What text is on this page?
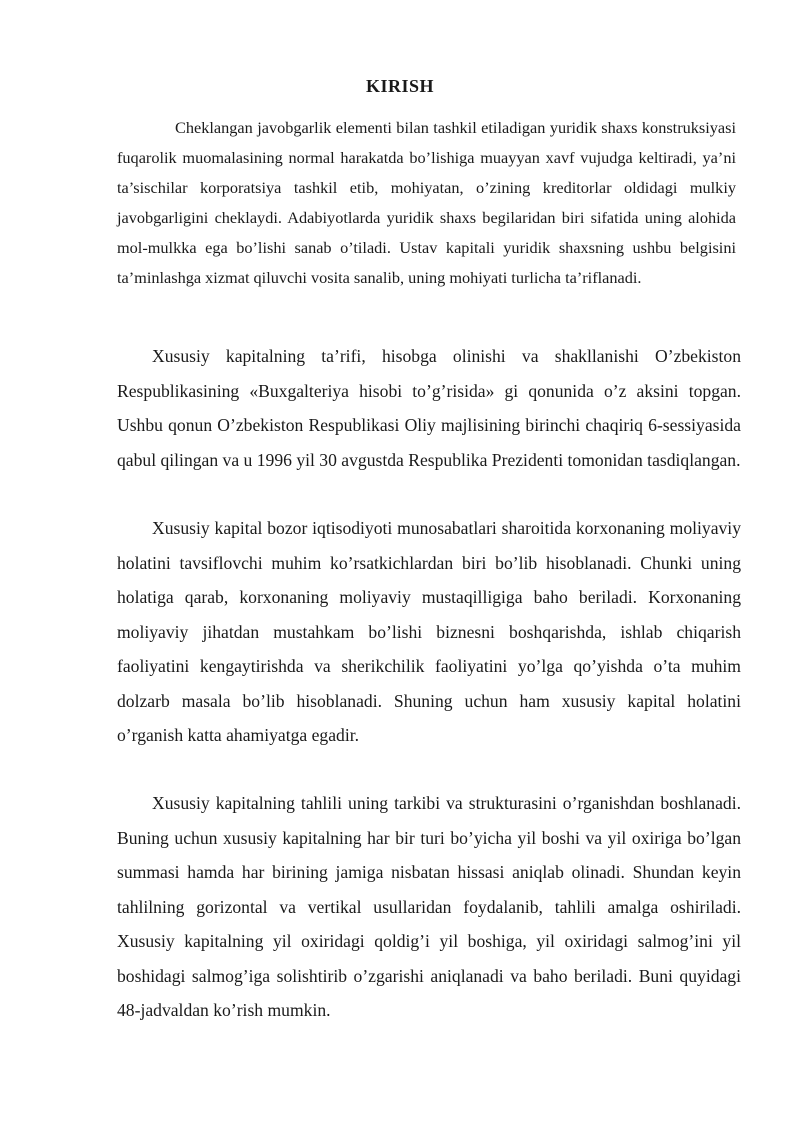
KIRISH

Cheklangan javobgarlik elementi bilan tashkil etiladigan yuridik shaxs konstruksiyasi fuqarolik muomalasining normal harakatda bo’lishiga muayyan xavf vujudga keltiradi, ya’ni ta’sischilar korporatsiya tashkil etib, mohiyatan, o’zining kreditorlar oldidagi mulkiy javobgarligini cheklaydi. Adabiyotlarda yuridik shaxs begilaridan biri sifatida uning alohida mol-mulkka ega bo’lishi sanab o’tiladi. Ustav kapitali yuridik shaxsning ushbu belgisini ta’minlashga xizmat qiluvchi vosita sanalib, uning mohiyati turlicha ta’riflanadi.

Xususiy kapitalning ta’rifi, hisobga olinishi va shakllanishi O’zbekiston Respublikasining «Buxgalteriya hisobi to’g’risida» gi qonunida o’z aksini topgan. Ushbu qonun O’zbekiston Respublikasi Oliy majlisining birinchi chaqiriq 6-sessiyasida qabul qilingan va u 1996 yil 30 avgustda Respublika Prezidenti tomonidan tasdiqlangan.

Xususiy kapital bozor iqtisodiyoti munosabatlari sharoitida korxonaning moliyaviy holatini tavsiflovchi muhim ko’rsatkichlardan biri bo’lib hisoblanadi. Chunki uning holatiga qarab, korxonaning moliyaviy mustaqilligiga baho beriladi. Korxonaning moliyaviy jihatdan mustahkam bo’lishi biznesni boshqarishda, ishlab chiqarish faoliyatini kengaytirishda va sherikchilik faoliyatini yo’lga qo’yishda o’ta muhim dolzarb masala bo’lib hisoblanadi. Shuning uchun ham xususiy kapital holatini o’rganish katta ahamiyatga egadir.

Xususiy kapitalning tahlili uning tarkibi va strukturasini o’rganishdan boshlanadi. Buning uchun xususiy kapitalning har bir turi bo’yicha yil boshi va yil oxiriga bo’lgan summasi hamda har birining jamiga nisbatan hissasi aniqlab olinadi. Shundan keyin tahlilning gorizontal va vertikal usullaridan foydalanib, tahlili amalga oshiriladi. Xususiy kapitalning yil oxiridagi qoldig’i yil boshiga, yil oxiridagi salmog’ini yil boshidagi salmog’iga solishtirib o’zgarishi aniqlanadi va baho beriladi. Buni quyidagi 48-jadvaldan ko’rish mumkin.
